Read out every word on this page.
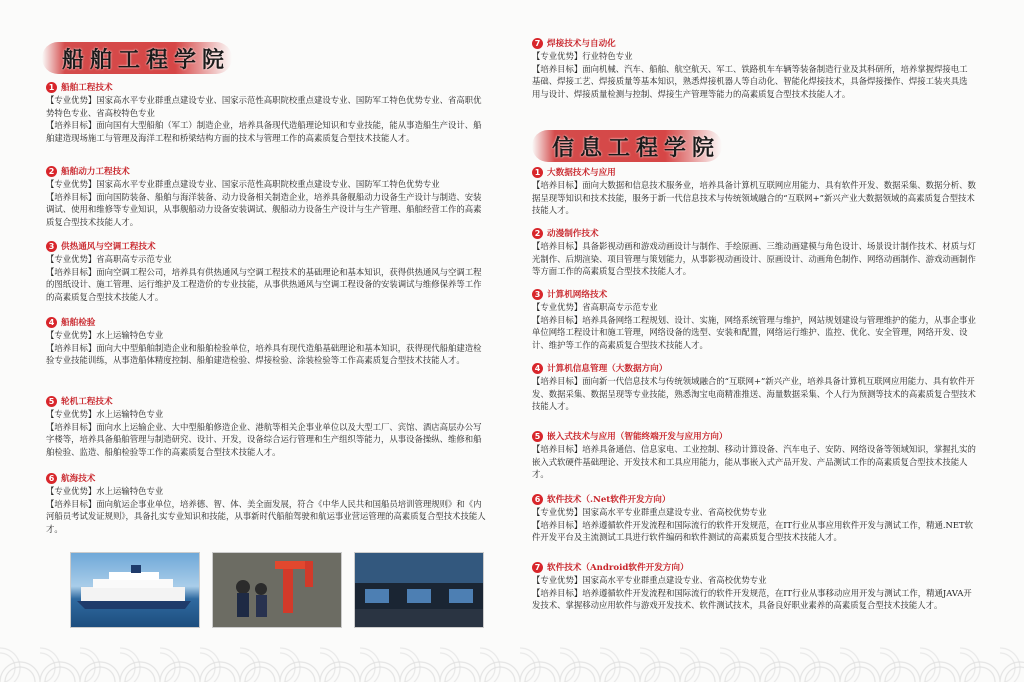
船舶工程学院
1 船舶工程技术

【专业优势】国家高水平专业群重点建设专业、国家示范性高职院校重点建设专业、国防军工特色优势专业、省高职优势特色专业、省高校特色专业

【培养目标】面向国有大型船舶（军工）制造企业，培养具备现代造船理论知识和专业技能，能从事造船生产设计、船舶建造现场施工与管理及海洋工程和桥梁结构方面的技术与管理工作的高素质复合型技术技能人才。

2 船舶动力工程技术

【专业优势】国家高水平专业群重点建设专业、国家示范性高职院校重点建设专业、国防军工特色优势专业

【培养目标】面向国防装备、船舶与海洋装备、动力设备相关制造企业，培养具备舰船动力设备生产设计与制造、安装调试、使用和维修等专业知识，从事舰船动力设备安装调试、舰船动力设备生产设计与生产管理、船舶经营工作的高素质复合型技术技能人才。

3 供热通风与空调工程技术

【专业优势】省高职高专示范专业

【培养目标】面向空调工程公司，培养具有供热通风与空调工程技术的基础理论和基本知识，获得供热通风与空调工程的图纸设计、施工管理、运行维护及工程造价的专业技能，从事供热通风与空调工程设备的安装调试与维修保养等工作的高素质复合型技术技能人才。

4 船舶检验

【专业优势】水上运输特色专业

【培养目标】面向大中型船舶制造企业和船舶检验单位，培养具有现代造船基础理论和基本知识，获得现代船舶建造检验专业技能训练，从事造船体精度控制、船舶建造检验、焊接检验、涂装检验等工作高素质复合型技术技能人才。

5 轮机工程技术

【专业优势】水上运输特色专业

【培养目标】面向水上运输企业、大中型船舶修造企业、港航等相关企事业单位以及大型工厂、宾馆、酒店高层办公写字楼等，培养具备船舶管理与制造研究、设计、开发，设备综合运行管理和生产组织等能力，从事设备操纵、维修和船舶检验、监造、船舶检验等工作的高素质复合型技术技能人才。

6 航海技术

【专业优势】水上运输特色专业

【培养目标】面向航运企事业单位，培养德、智、体、美全面发展，符合《中华人民共和国船员培训管理规则》和《内河船员考试发证规则》，具备扎实专业知识和技能，从事新时代船舶驾驶和航运事业营运管理的高素质复合型技术技能人才。

7 焊接技术与自动化

【专业优势】行业特色专业

【培养目标】面向机械、汽车、船舶、航空航天、军工、铁路机车车辆等装备制造行业及其科研所，培养掌握焊接电工基础、焊接工艺、焊接质量等基本知识，熟悉焊接机器人等自动化、智能化焊接技术，具备焊接操作、焊接工装夹具选用与设计、焊接质量检测与控制、焊接生产管理等能力的高素质复合型技术技能人才。

信息工程学院
1 大数据技术与应用

【培养目标】面向大数据和信息技术服务业，培养具备计算机互联网应用能力、具有软件开发、数据采集、数据分析、数据呈现等知识和技术技能，服务于新一代信息技术与传统领域融合的“互联网+”新兴产业大数据领域的高素质复合型技术技能人才。

2 动漫制作技术

【培养目标】具备影视动画和游戏动画设计与制作、手绘原画、三维动画建模与角色设计、场景设计制作技术、材质与灯光制作、后期渲染、项目管理与策划能力，从事影视动画设计、原画设计、动画角色制作、网络动画制作、游戏动画制作等方面工作的高素质复合型技术技能人才。

3 计算机网络技术

【专业优势】省高职高专示范专业

【培养目标】培养具备网络工程规划、设计、实施，网络系统管理与维护，网站规划建设与管理维护的能力，从事企事业单位网络工程设计和施工管理，网络设备的选型、安装和配置，网络运行维护、监控、优化、安全管理，网络开发、设计、维护等工作的高素质复合型技术技能人才。

4 计算机信息管理（大数据方向）

【培养目标】面向新一代信息技术与传统领域融合的“互联网+”新兴产业，培养具备计算机互联网应用能力、具有软件开发、数据采集、数据呈现等专业技能，熟悉淘宝电商精准推送、海量数据采集、个人行为预测等技术的高素质复合型技术技能人才。

5 嵌入式技术与应用（智能终端开发与应用方向）

【培养目标】培养具备通信、信息家电、工业控制、移动计算设备、汽车电子、安防、网络设备等领域知识，掌握扎实的嵌入式软硬件基础理论、开发技术和工具应用能力，能从事嵌入式产品开发、产品测试工作的高素质复合型技术技能人才。

6 软件技术（.Net软件开发方向）

【专业优势】国家高水平专业群重点建设专业、省高校优势专业

【培养目标】培养遵循软件开发流程和国际流行的软件开发规范，在IT行业从事应用软件开发与测试工作，精通.NET软件开发平台及主流测试工具进行软件编码和软件测试的高素质复合型技术技能人才。

7 软件技术（Android软件开发方向）

【专业优势】国家高水平专业群重点建设专业、省高校优势专业

【培养目标】培养遵循软件开发流程和国际流行的软件开发规范，在IT行业从事移动应用开发与测试工作，精通JAVA开发技术、掌握移动应用软件与游戏开发技术、软件测试技术，具备良好职业素养的高素质复合型技术技能人才。
